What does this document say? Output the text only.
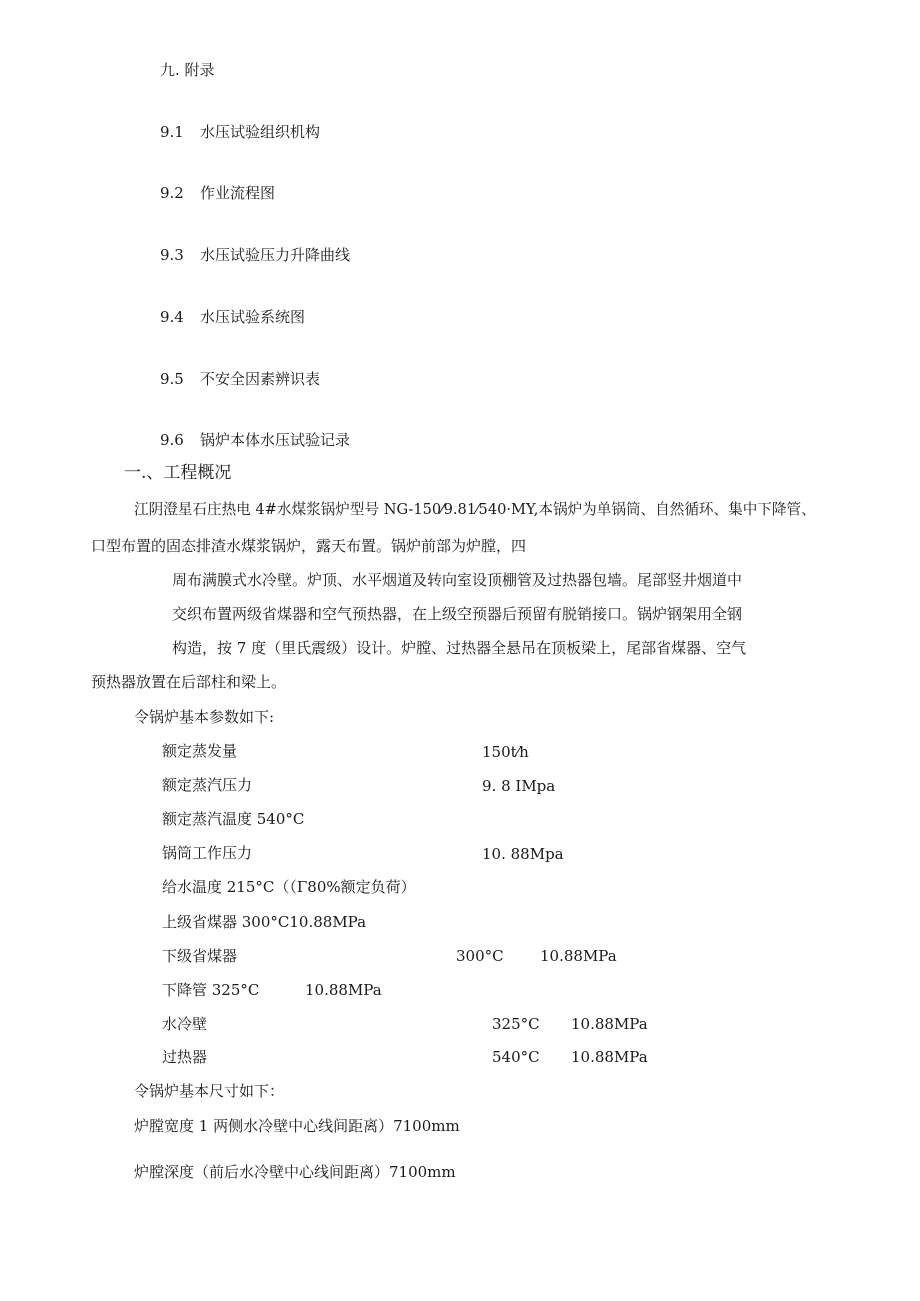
九. 附录
9.1 水压试验组织机构
9.2 作业流程图
9.3 水压试验压力升降曲线
9.4 水压试验系统图
9.5 不安全因素辨识表
9.6 锅炉本体水压试验记录
一.、工程概况
江阴澄星石庄热电 4#水煤浆锅炉型号 NG-150⁄9.81⁄540·MY,本锅炉为单锅筒、自然循环、集中下降管、
口型布置的固态排渣水煤浆锅炉，露天布置。锅炉前部为炉膛，四
周布满膜式水冷壁。炉顶、水平烟道及转向室设顶棚管及过热器包墙。尾部竖井烟道中
交织布置两级省煤器和空气预热器，在上级空预器后预留有脱销接口。锅炉钢架用全钢
构造，按 7 度（里氏震级）设计。炉膛、过热器全悬吊在顶板梁上，尾部省煤器、空气
预热器放置在后部柱和梁上。
令锅炉基本参数如下:
额定蒸发量	150t⁄h
额定蒸汽压力	9. 8 IMpa
额定蒸汽温度 540°C
锅筒工作压力	10. 88Mpa
给水温度 215°C（（Γ80%额定负荷）
上级省煤器 300°C10.88MPa
下级省煤器	300°C 10.88MPa
下降管 325°C	10.88MPa
水冷壁	325°C 10.88MPa
过热器	540°C 10.88MPa
令锅炉基本尺寸如下：
炉膛宽度 1 两侧水冷壁中心线间距离）7100mm
炉膛深度（前后水冷壁中心线间距离）7100mm
